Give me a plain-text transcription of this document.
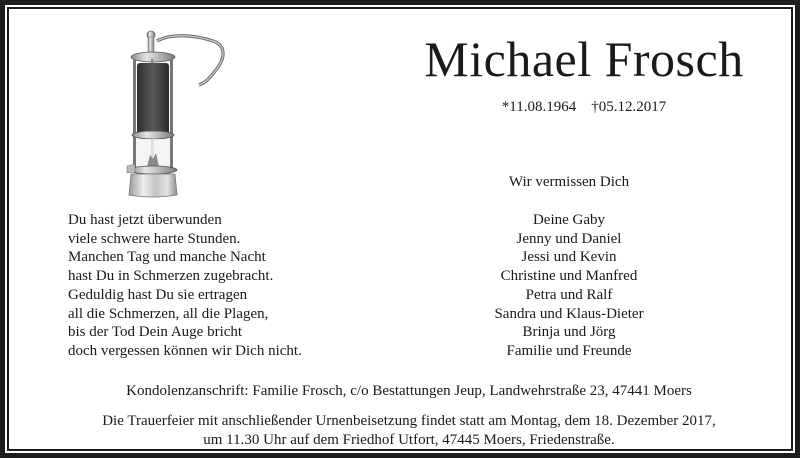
Michael Frosch
*11.08.1964    †05.12.2017
Du hast jetzt überwunden
viele schwere harte Stunden.
Manchen Tag und manche Nacht
hast Du in Schmerzen zugebracht.
Geduldig hast Du sie ertragen
all die Schmerzen, all die Plagen,
bis der Tod Dein Auge bricht
doch vergessen können wir Dich nicht.
Wir vermissen Dich
Deine Gaby
Jenny und Daniel
Jessi und Kevin
Christine und Manfred
Petra und Ralf
Sandra und Klaus-Dieter
Brinja und Jörg
Familie und Freunde
Kondolenzanschrift: Familie Frosch, c/o Bestattungen Jeup, Landwehrstraße 23, 47441 Moers
Die Trauerfeier mit anschließender Urnenbeisetzung findet statt am Montag, dem 18. Dezember 2017,
um 11.30 Uhr auf dem Friedhof Utfort, 47445 Moers, Friedenstraße.
